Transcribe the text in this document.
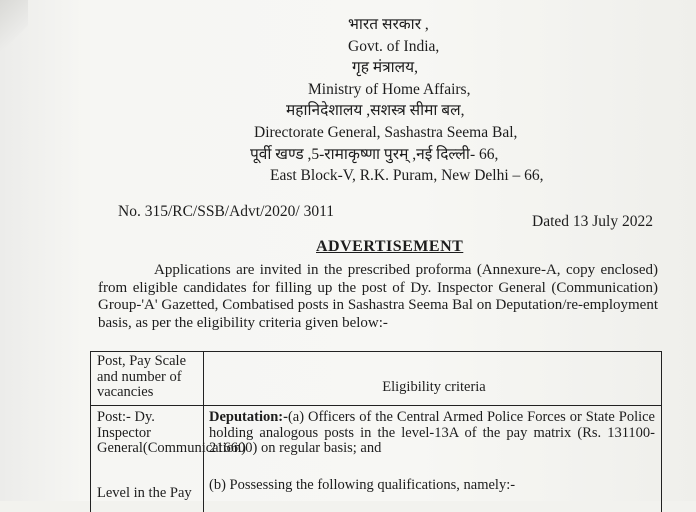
भारत सरकार ,
Govt. of India,
गृह मंत्रालय,
Ministry of Home Affairs,
महानिदेशालय ,सशस्त्र सीमा बल,
Directorate General, Sashastra Seema Bal,
पूर्वी खण्ड ,5-रामाकृष्णा पुरम् ,नई दिल्ली- 66,
East Block-V, R.K. Puram, New Delhi – 66,
No. 315/RC/SSB/Advt/2020/ 3011
Dated 13 July 2022
ADVERTISEMENT
Applications are invited in the prescribed proforma (Annexure-A, copy enclosed) from eligible candidates for filling up the post of Dy. Inspector General (Communication) Group-'A' Gazetted, Combatised posts in Sashastra Seema Bal on Deputation/re-employment basis, as per the eligibility criteria given below:-
Post, Pay Scale and number of vacancies	Eligibility criteria
Post:- Dy. Inspector General(Communication)
Deputation:-(a) Officers of the Central Armed Police Forces or State Police holding analogous posts in the level-13A of the pay matrix (Rs. 131100-216600) on regular basis; and
(b) Possessing the following qualifications, namely:-
Level in the Pay
